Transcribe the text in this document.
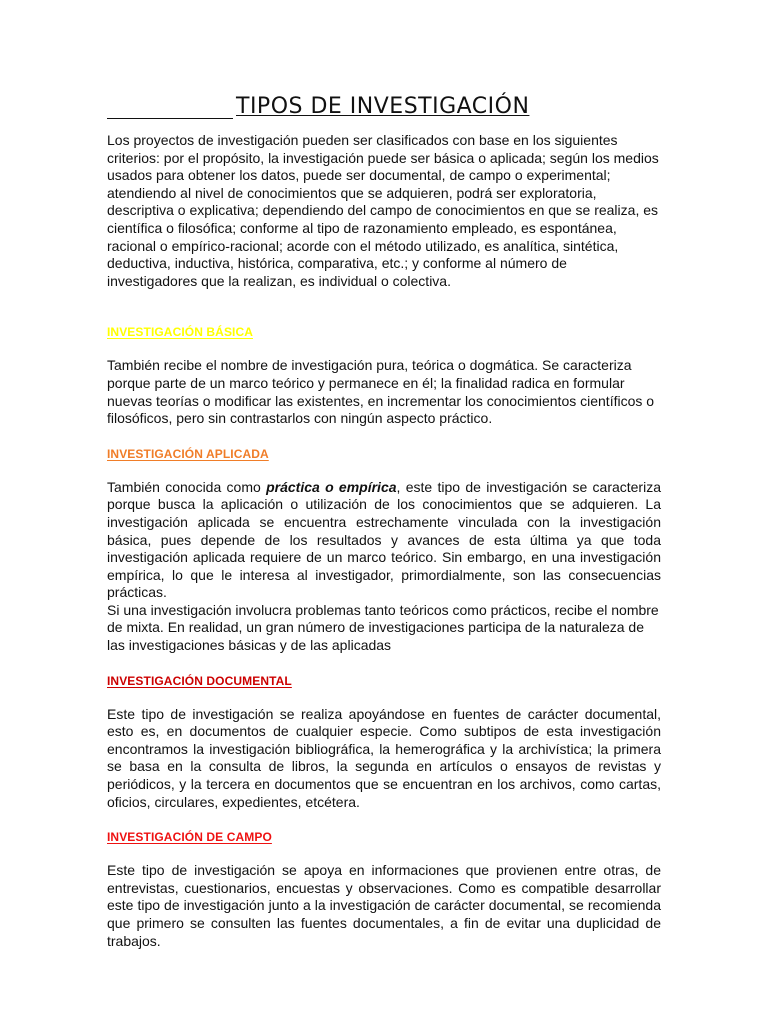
TIPOS DE INVESTIGACIÓN

Los proyectos de investigación pueden ser clasificados con base en los siguientes criterios: por el propósito, la investigación puede ser básica o aplicada; según los medios usados para obtener los datos, puede ser documental, de campo o experimental; atendiendo al nivel de conocimientos que se adquieren, podrá ser exploratoria, descriptiva o explicativa; dependiendo del campo de conocimientos en que se realiza, es científica o filosófica; conforme al tipo de razonamiento empleado, es espontánea, racional o empírico-racional; acorde con el método utilizado, es analítica, sintética, deductiva, inductiva, histórica, comparativa, etc.; y conforme al número de investigadores que la realizan, es individual o colectiva.

INVESTIGACIÓN BÁSICA

También recibe el nombre de investigación pura, teórica o dogmática. Se caracteriza porque parte de un marco teórico y permanece en él; la finalidad radica en formular nuevas teorías o modificar las existentes, en incrementar los conocimientos científicos o filosóficos, pero sin contrastarlos con ningún aspecto práctico.

INVESTIGACIÓN APLICADA

También conocida como práctica o empírica, este tipo de investigación se caracteriza porque busca la aplicación o utilización de los conocimientos que se adquieren. La investigación aplicada se encuentra estrechamente vinculada con la investigación básica, pues depende de los resultados y avances de esta última ya que toda investigación aplicada requiere de un marco teórico. Sin embargo, en una investigación empírica, lo que le interesa al investigador, primordialmente, son las consecuencias prácticas.

Si una investigación involucra problemas tanto teóricos como prácticos, recibe el nombre de mixta. En realidad, un gran número de investigaciones participa de la naturaleza de las investigaciones básicas y de las aplicadas

INVESTIGACIÓN DOCUMENTAL

Este tipo de investigación se realiza apoyándose en fuentes de carácter documental, esto es, en documentos de cualquier especie. Como subtipos de esta investigación encontramos la investigación bibliográfica, la hemerográfica y la archivística; la primera se basa en la consulta de libros, la segunda en artículos o ensayos de revistas y periódicos, y la tercera en documentos que se encuentran en los archivos, como cartas, oficios, circulares, expedientes, etcétera.

INVESTIGACIÓN DE CAMPO

Este tipo de investigación se apoya en informaciones que provienen entre otras, de entrevistas, cuestionarios, encuestas y observaciones. Como es compatible desarrollar este tipo de investigación junto a la investigación de carácter documental, se recomienda que primero se consulten las fuentes documentales, a fin de evitar una duplicidad de trabajos.
